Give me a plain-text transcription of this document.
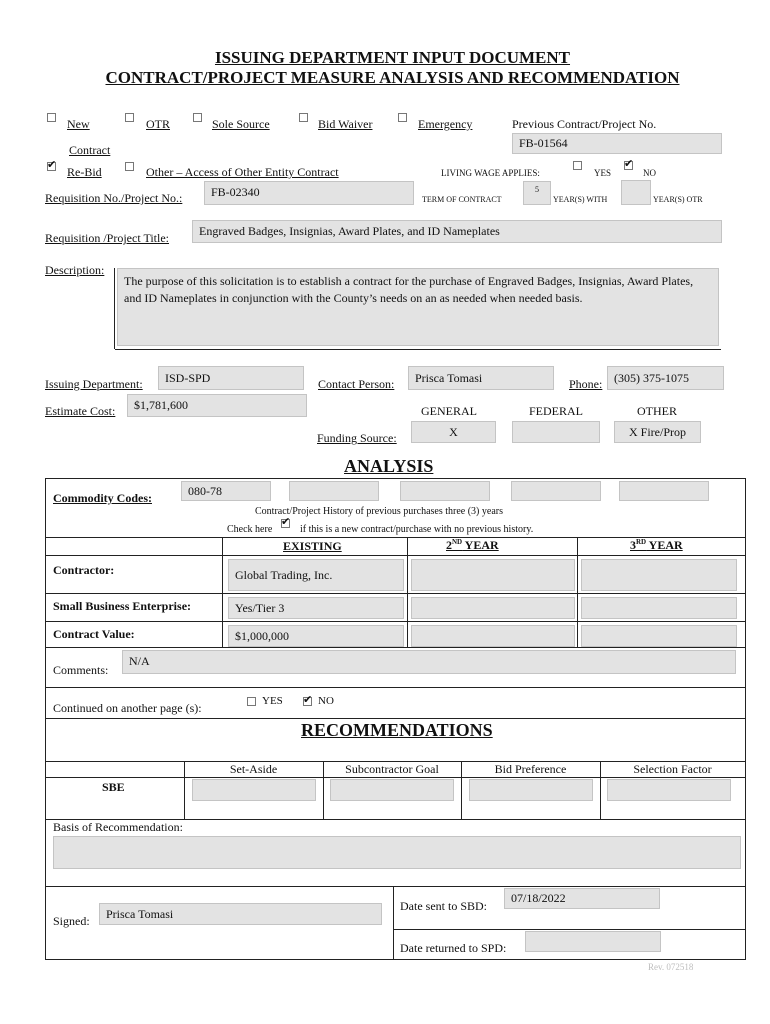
ISSUING DEPARTMENT INPUT DOCUMENT
CONTRACT/PROJECT MEASURE ANALYSIS AND RECOMMENDATION
New
Contract
OTR	Sole Source	Bid Waiver	Emergency	Previous Contract/Project No.
FB-01564
✔
Re-Bid	Other – Access of Other Entity Contract	LIVING WAGE APPLIES:	YES
✔	NO
Requisition No./Project No.:	FB-02340
TERM OF CONTRACT
5
YEAR(S) WITH	YEAR(S) OTR
Requisition /Project Title:	Engraved Badges, Insignias, Award Plates, and ID Nameplates
Description:
The purpose of this solicitation is to establish a contract for the purchase of Engraved Badges, Insignias, Award Plates, and ID Nameplates in conjunction with the County’s needs on an as needed when needed basis.
Issuing Department:	ISD-SPD	Contact Person:	Prisca Tomasi	Phone: (305) 375-1075
Estimate Cost:	$1,781,600	GENERAL	FEDERAL	OTHER
Funding Source:	X	X Fire/Prop
ANALYSIS
Commodity Codes:	080-78
Contract/Project History of previous purchases three (3) years
Check here
✔	if this is a new contract/purchase with no previous history.
EXISTING	2ND YEAR	3RD YEAR
Contractor:	Global Trading, Inc.
Small Business Enterprise:	Yes/Tier 3
Contract Value:	$1,000,000
Comments:
N/A
Continued on another page (s):	YES
✔	NO
RECOMMENDATIONS
Set-Aside	Subcontractor Goal	Bid Preference	Selection Factor
SBE
Basis of Recommendation:
Signed:	Prisca Tomasi
Date sent to SBD:
07/18/2022
Date returned to SPD:
Rev. 072518
